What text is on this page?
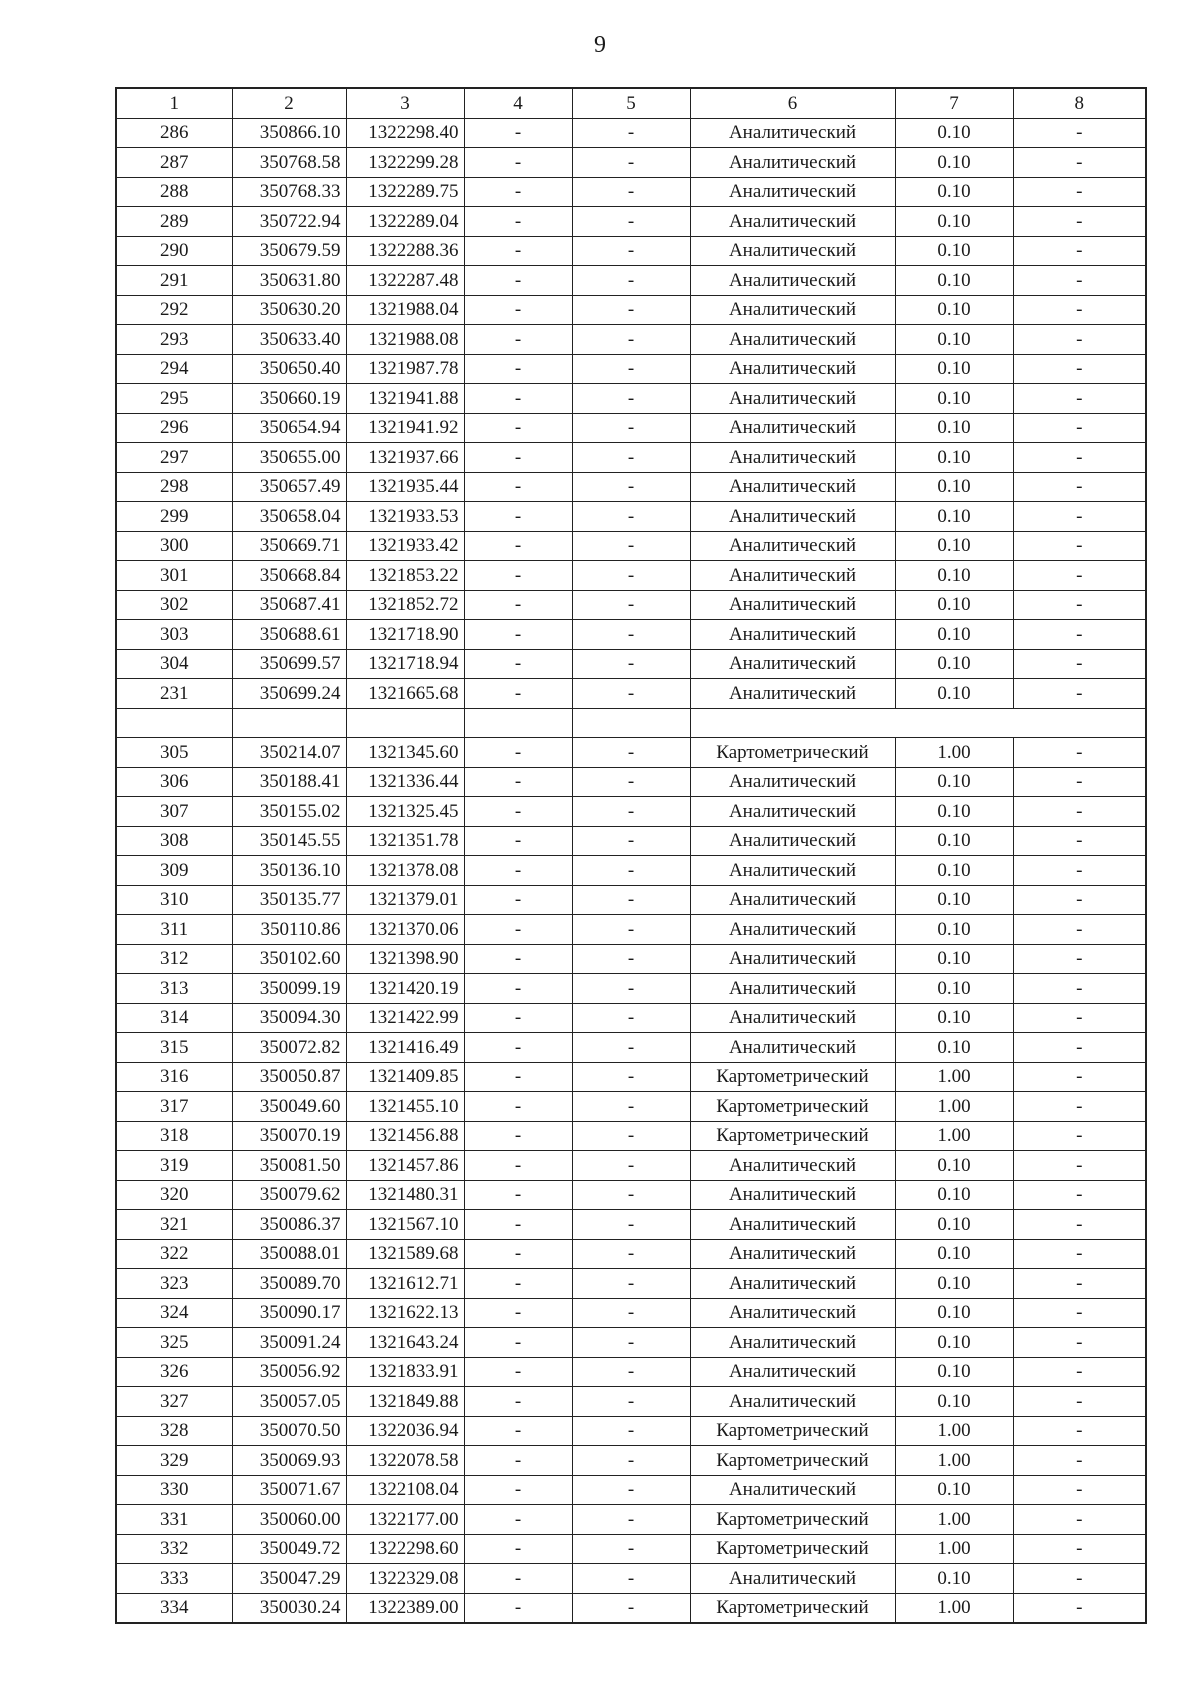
9
1	2	3	4	5	6	7	8
286	350866.10	1322298.40	-	-	Аналитический	0.10	-
287	350768.58	1322299.28	-	-	Аналитический	0.10	-
288	350768.33	1322289.75	-	-	Аналитический	0.10	-
289	350722.94	1322289.04	-	-	Аналитический	0.10	-
290	350679.59	1322288.36	-	-	Аналитический	0.10	-
291	350631.80	1322287.48	-	-	Аналитический	0.10	-
292	350630.20	1321988.04	-	-	Аналитический	0.10	-
293	350633.40	1321988.08	-	-	Аналитический	0.10	-
294	350650.40	1321987.78	-	-	Аналитический	0.10	-
295	350660.19	1321941.88	-	-	Аналитический	0.10	-
296	350654.94	1321941.92	-	-	Аналитический	0.10	-
297	350655.00	1321937.66	-	-	Аналитический	0.10	-
298	350657.49	1321935.44	-	-	Аналитический	0.10	-
299	350658.04	1321933.53	-	-	Аналитический	0.10	-
300	350669.71	1321933.42	-	-	Аналитический	0.10	-
301	350668.84	1321853.22	-	-	Аналитический	0.10	-
302	350687.41	1321852.72	-	-	Аналитический	0.10	-
303	350688.61	1321718.90	-	-	Аналитический	0.10	-
304	350699.57	1321718.94	-	-	Аналитический	0.10	-
231	350699.24	1321665.68	-	-	Аналитический	0.10	-

305	350214.07	1321345.60	-	-	Картометрический	1.00	-
306	350188.41	1321336.44	-	-	Аналитический	0.10	-
307	350155.02	1321325.45	-	-	Аналитический	0.10	-
308	350145.55	1321351.78	-	-	Аналитический	0.10	-
309	350136.10	1321378.08	-	-	Аналитический	0.10	-
310	350135.77	1321379.01	-	-	Аналитический	0.10	-
311	350110.86	1321370.06	-	-	Аналитический	0.10	-
312	350102.60	1321398.90	-	-	Аналитический	0.10	-
313	350099.19	1321420.19	-	-	Аналитический	0.10	-
314	350094.30	1321422.99	-	-	Аналитический	0.10	-
315	350072.82	1321416.49	-	-	Аналитический	0.10	-
316	350050.87	1321409.85	-	-	Картометрический	1.00	-
317	350049.60	1321455.10	-	-	Картометрический	1.00	-
318	350070.19	1321456.88	-	-	Картометрический	1.00	-
319	350081.50	1321457.86	-	-	Аналитический	0.10	-
320	350079.62	1321480.31	-	-	Аналитический	0.10	-
321	350086.37	1321567.10	-	-	Аналитический	0.10	-
322	350088.01	1321589.68	-	-	Аналитический	0.10	-
323	350089.70	1321612.71	-	-	Аналитический	0.10	-
324	350090.17	1321622.13	-	-	Аналитический	0.10	-
325	350091.24	1321643.24	-	-	Аналитический	0.10	-
326	350056.92	1321833.91	-	-	Аналитический	0.10	-
327	350057.05	1321849.88	-	-	Аналитический	0.10	-
328	350070.50	1322036.94	-	-	Картометрический	1.00	-
329	350069.93	1322078.58	-	-	Картометрический	1.00	-
330	350071.67	1322108.04	-	-	Аналитический	0.10	-
331	350060.00	1322177.00	-	-	Картометрический	1.00	-
332	350049.72	1322298.60	-	-	Картометрический	1.00	-
333	350047.29	1322329.08	-	-	Аналитический	0.10	-
334	350030.24	1322389.00	-	-	Картометрический	1.00	-
